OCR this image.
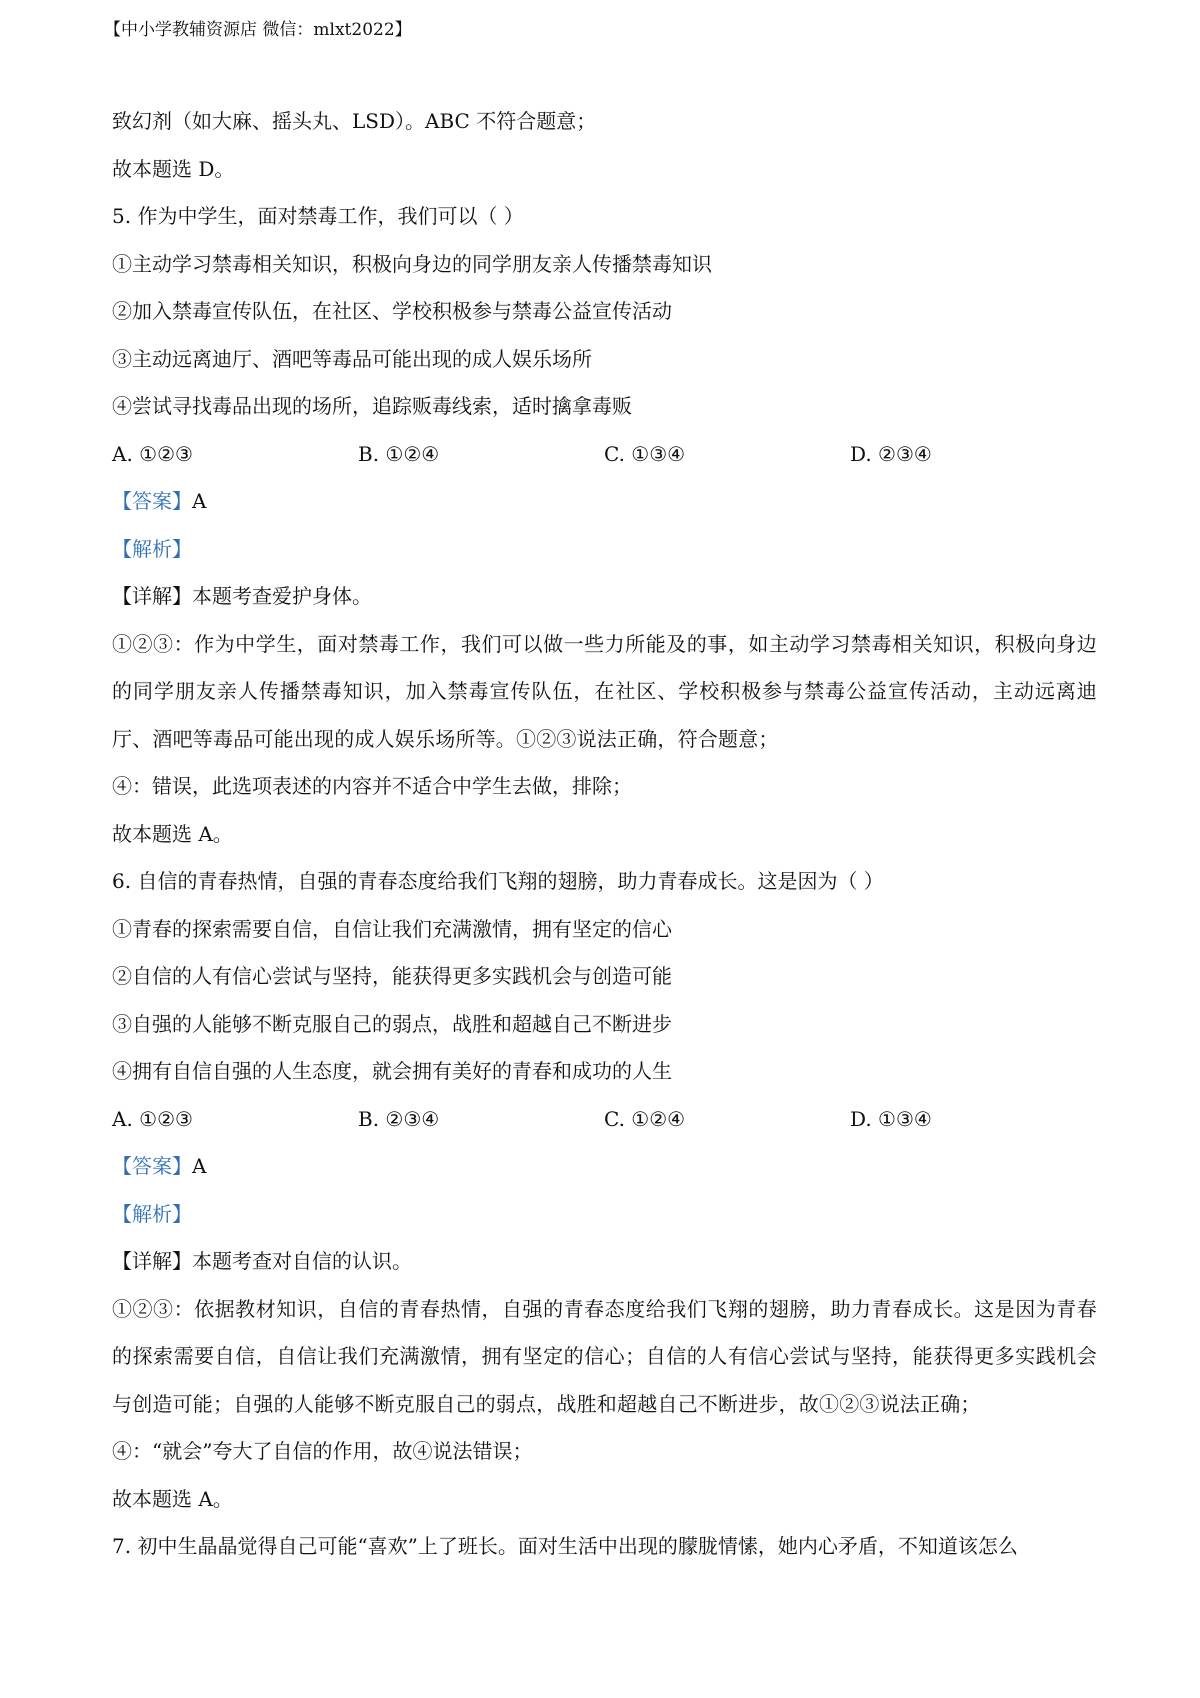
【中小学教辅资源店 微信：mlxt2022】
致幻剂（如大麻、摇头丸、LSD）。ABC 不符合题意；
故本题选 D。
5. 作为中学生，面对禁毒工作，我们可以（ ）
①主动学习禁毒相关知识，积极向身边的同学朋友亲人传播禁毒知识
②加入禁毒宣传队伍，在社区、学校积极参与禁毒公益宣传活动
③主动远离迪厅、酒吧等毒品可能出现的成人娱乐场所
④尝试寻找毒品出现的场所，追踪贩毒线索，适时擒拿毒贩
A. ①②③	B. ①②④	C. ①③④	D. ②③④
【答案】A
【解析】
【详解】本题考查爱护身体。
①②③：作为中学生，面对禁毒工作，我们可以做一些力所能及的事，如主动学习禁毒相关知识，积极向身边的同学朋友亲人传播禁毒知识，加入禁毒宣传队伍，在社区、学校积极参与禁毒公益宣传活动，主动远离迪厅、酒吧等毒品可能出现的成人娱乐场所等。①②③说法正确，符合题意；
④：错误，此选项表述的内容并不适合中学生去做，排除；
故本题选 A。
6. 自信的青春热情，自强的青春态度给我们飞翔的翅膀，助力青春成长。这是因为（ ）
①青春的探索需要自信，自信让我们充满激情，拥有坚定的信心
②自信的人有信心尝试与坚持，能获得更多实践机会与创造可能
③自强的人能够不断克服自己的弱点，战胜和超越自己不断进步
④拥有自信自强的人生态度，就会拥有美好的青春和成功的人生
A. ①②③	B. ②③④	C. ①②④	D. ①③④
【答案】A
【解析】
【详解】本题考查对自信的认识。
①②③：依据教材知识，自信的青春热情，自强的青春态度给我们飞翔的翅膀，助力青春成长。这是因为青春的探索需要自信，自信让我们充满激情，拥有坚定的信心；自信的人有信心尝试与坚持，能获得更多实践机会与创造可能；自强的人能够不断克服自己的弱点，战胜和超越自己不断进步，故①②③说法正确；
④：“就会”夸大了自信的作用，故④说法错误；
故本题选 A。
7. 初中生晶晶觉得自己可能“喜欢”上了班长。面对生活中出现的朦胧情愫，她内心矛盾，不知道该怎么
